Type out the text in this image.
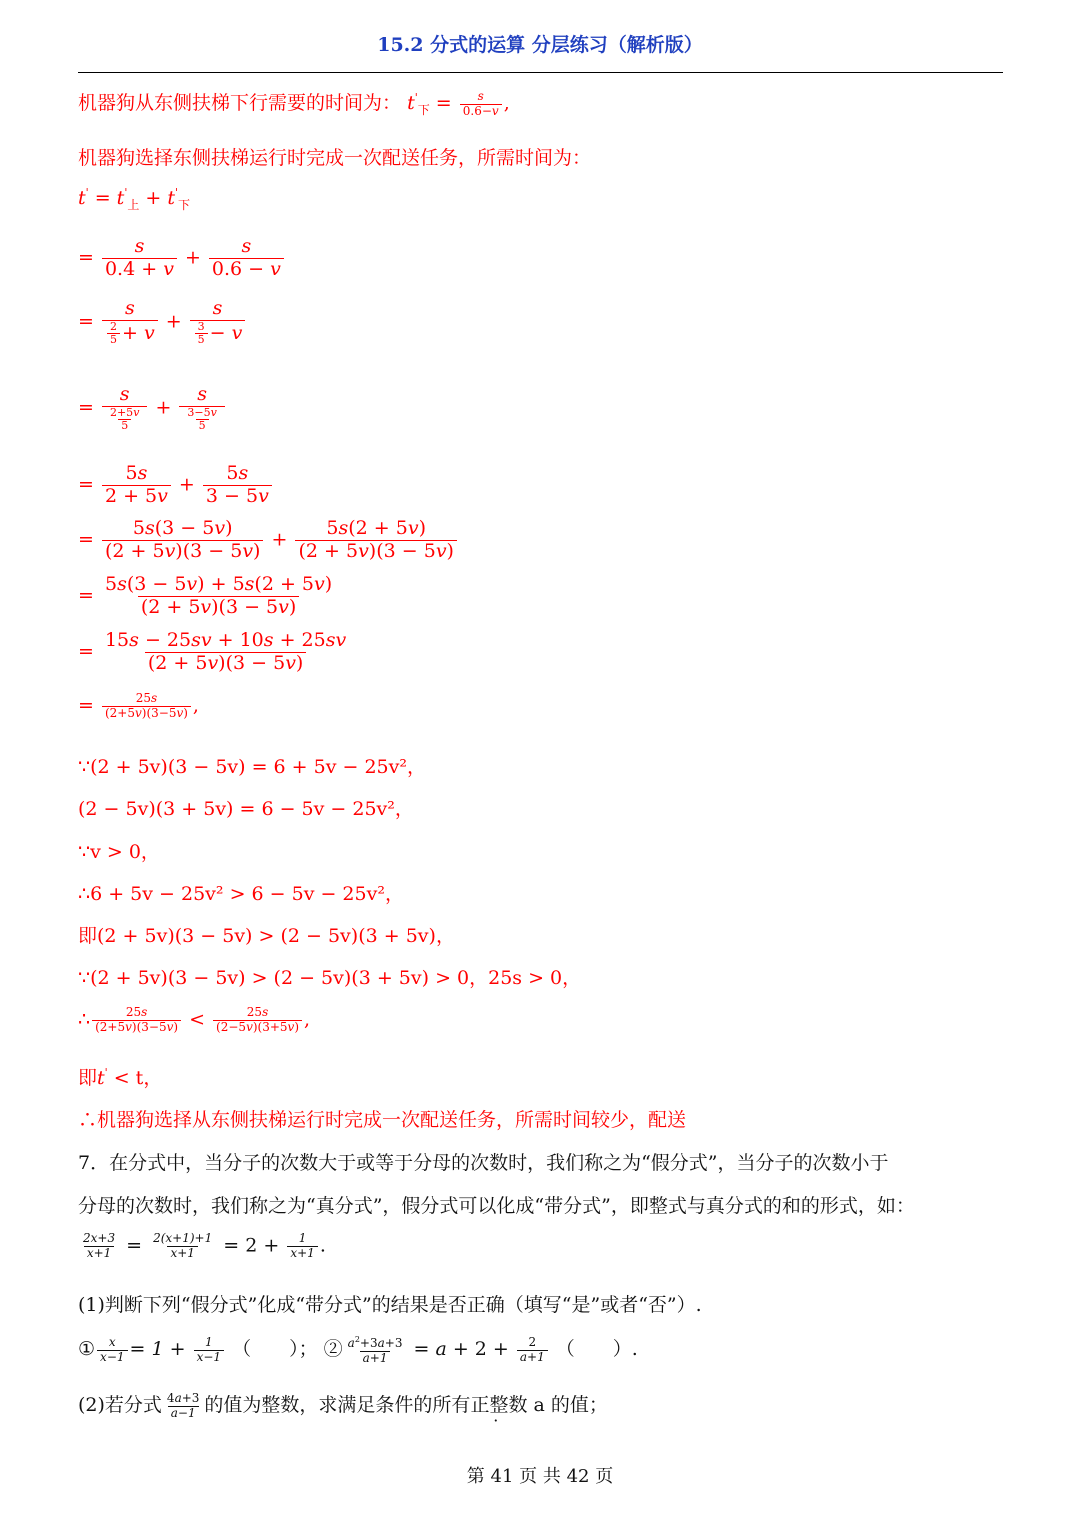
15.2 分式的运算 分层练习（解析版）
机器狗从东侧扶梯下行需要的时间为： $t'_下 = \frac{s}{0.6-v}$ ,
机器狗选择东侧扶梯运行时完成一次配送任务，所需时间为：
$t' = t'_上 + t'_下$
= $\frac{s}{0.4 + v} + \frac{s}{0.6 - v}$
= $\frac{s}{\frac{2}{5} + v} + \frac{s}{\frac{3}{5} - v}$
= $\frac{s}{\frac{2+5v}{5}} + \frac{s}{\frac{3-5v}{5}}$
= $\frac{5s}{2 + 5v} + \frac{5s}{3 - 5v}$
= $\frac{5s(3 - 5v)}{(2 + 5v)(3 - 5v)} + \frac{5s(2 + 5v)}{(2 + 5v)(3 - 5v)}$
= $\frac{5s(3 - 5v) + 5s(2 + 5v)}{(2 + 5v)(3 - 5v)}$
= $\frac{15s - 25sv + 10s + 25sv}{(2 + 5v)(3 - 5v)}$
= $\frac{25s}{(2+5v)(3-5v)}$ ,
∵(2 + 5v)(3 − 5v) = 6 + 5v − 25v²，
(2 − 5v)(3 + 5v) = 6 − 5v − 25v²，
∵v > 0，
∴6 + 5v − 25v² > 6 − 5v − 25v²，
即(2 + 5v)(3 − 5v) > (2 − 5v)(3 + 5v)，
∵(2 + 5v)(3 − 5v) > (2 − 5v)(3 + 5v) > 0，25s > 0，
∴ $\frac{25s}{(2+5v)(3-5v)} < \frac{25s}{(2-5v)(3+5v)}$ ,
即t' < t，
∴机器狗选择从东侧扶梯运行时完成一次配送任务，所需时间较少，配送
7．在分式中，当分子的次数大于或等于分母的次数时，我们称之为“假分式”，当分子的次数小于
分母的次数时，我们称之为“真分式”，假分式可以化成“带分式”，即整式与真分式的和的形式，如：
$\frac{2x+3}{x+1} = \frac{2(x+1)+1}{x+1} = 2 + \frac{1}{x+1}$ .
(1)判断下列“假分式”化成“带分式”的结果是否正确（填写“是”或者“否”）.
① $\frac{x}{x-1} = 1 + \frac{1}{x-1}$ （　　）； ② $\frac{a^2+3a+3}{a+1} = a + 2 + \frac{2}{a+1}$ （　　）.
(2)若分式 $\frac{4a+3}{a-1}$ 的值为整数，求满足条件的所有正整数 a 的值；
第 41 页 共 42 页
